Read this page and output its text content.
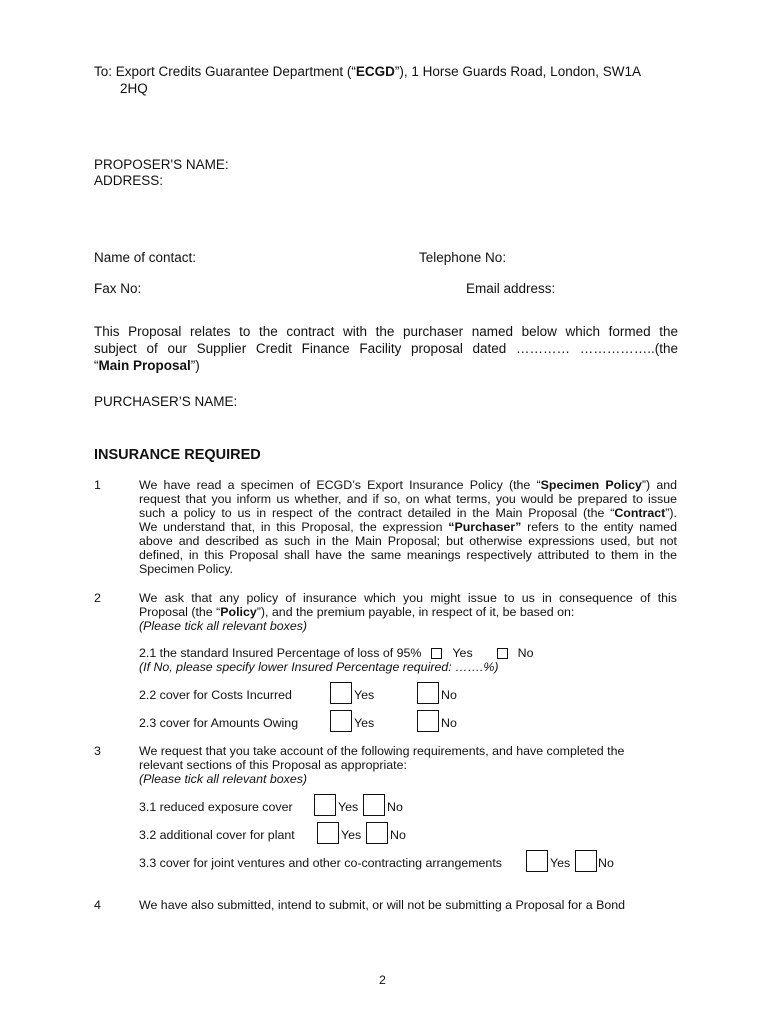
To: Export Credits Guarantee Department (“ECGD”), 1 Horse Guards Road, London, SW1A
2HQ
PROPOSER'S NAME:
ADDRESS:
Name of contact:	Telephone No:
Fax No:	Email address:
This Proposal relates to the contract with the purchaser named below which formed the
subject of our Supplier Credit Finance Facility proposal dated ………… ……………..(the
“Main Proposal”)
PURCHASER’S NAME:
INSURANCE REQUIRED
1	We have read a specimen of ECGD’s Export Insurance Policy (the “Specimen Policy”) and
request that you inform us whether, and if so, on what terms, you would be prepared to issue
such a policy to us in respect of the contract detailed in the Main Proposal (the “Contract”).
We understand that, in this Proposal, the expression “Purchaser” refers to the entity named
above and described as such in the Main Proposal; but otherwise expressions used, but not
defined, in this Proposal shall have the same meanings respectively attributed to them in the
Specimen Policy.
2	We ask that any policy of insurance which you might issue to us in consequence of this
Proposal (the “Policy”), and the premium payable, in respect of it, be based on:
(Please tick all relevant boxes)
2.1 the standard Insured Percentage of loss of 95%	Yes	No
(If No, please specify lower Insured Percentage required: …….%)
2.2 cover for Costs Incurred	Yes	No
2.3 cover for Amounts Owing	Yes	No
3	We request that you take account of the following requirements, and have completed the
relevant sections of this Proposal as appropriate:
(Please tick all relevant boxes)
3.1 reduced exposure cover	Yes No
3.2 additional cover for plant	Yes No
3.3 cover for joint ventures and other co-contracting arrangements	Yes No
4	We have also submitted, intend to submit, or will not be submitting a Proposal for a Bond
2
